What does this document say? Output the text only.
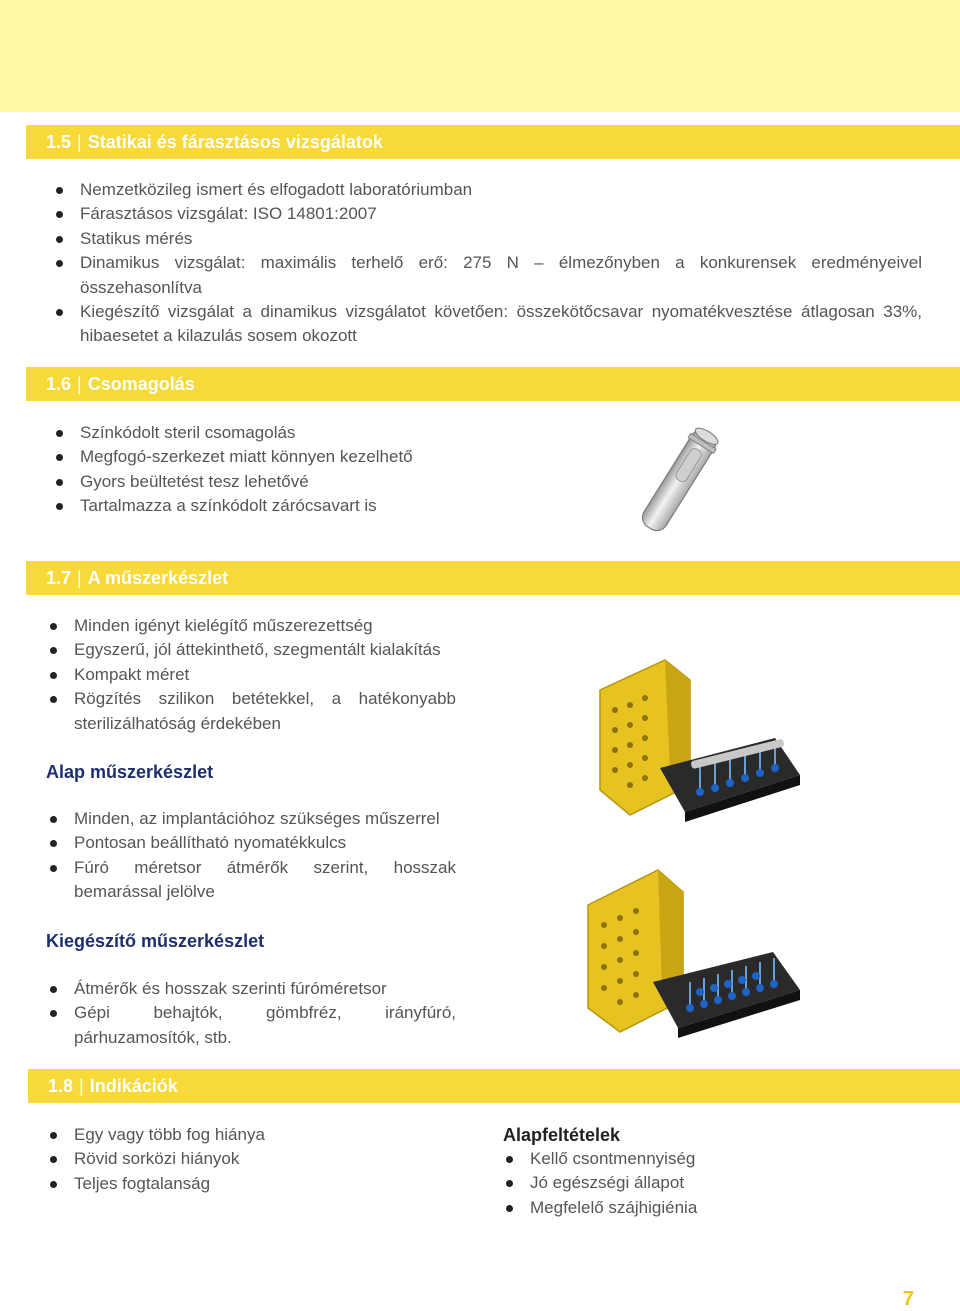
1.5 | Statikai és fárasztásos vizsgálatok
Nemzetközileg ismert és elfogadott laboratóriumban
Fárasztásos vizsgálat: ISO 14801:2007
Statikus mérés
Dinamikus vizsgálat: maximális terhelő erő: 275 N – élmezőnyben a konkurensek eredményeivel összehasonlítva
Kiegészítő vizsgálat a dinamikus vizsgálatot követően: összekötőcsavar nyomatékvesztése átlagosan 33%, hibaesetet a kilazulás sosem okozott
1.6 | Csomagolás
Színkódolt steril csomagolás
Megfogó-szerkezet miatt könnyen kezelhető
Gyors beültetést tesz lehetővé
Tartalmazza a színkódolt zárócsavart is
1.7 | A műszerkészlet
Minden igényt kielégítő műszerezettség
Egyszerű, jól áttekinthető, szegmentált kialakítás
Kompakt méret
Rögzítés szilikon betétekkel, a hatékonyabb sterilizálhatóság érdekében
Alap műszerkészlet
Minden, az implantációhoz szükséges műszerrel
Pontosan beállítható nyomatékkulcs
Fúró méretsor átmérők szerint, hosszak bemarással jelölve
Kiegészítő műszerkészlet
Átmérők és hosszak szerinti fúróméretsor
Gépi behajtók, gömbfréz, irányfúró, párhuzamosítók, stb.
1.8 | Indikációk
Egy vagy több fog hiánya
Rövid sorközi hiányok
Teljes fogtalanság
Alapfeltételek
Kellő csontmennyiség
Jó egészségi állapot
Megfelelő szájhigiénia
7
